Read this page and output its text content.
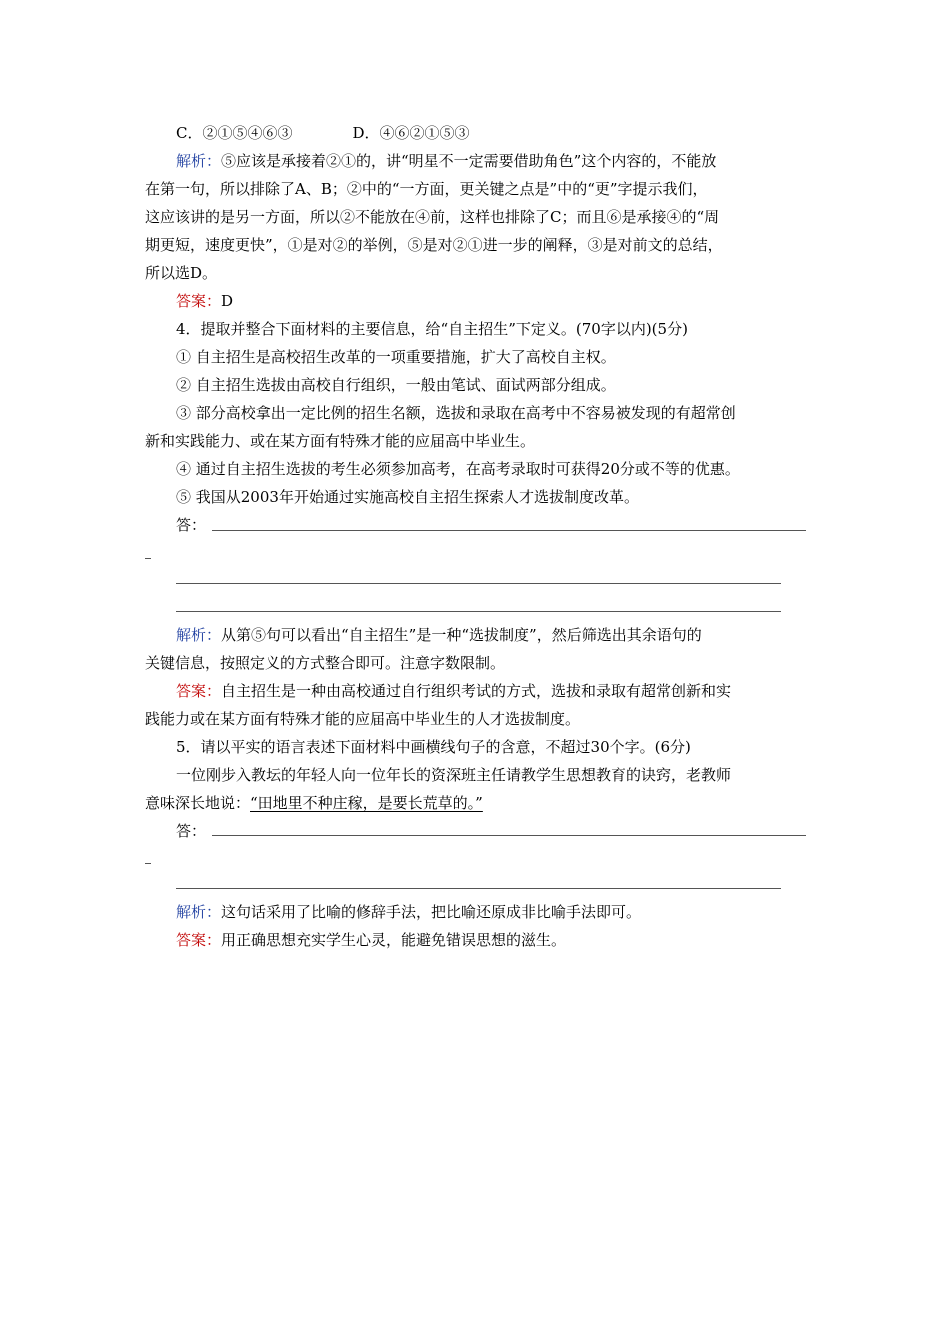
C．②①⑤④⑥③	D．④⑥②①⑤③
解析：⑤应该是承接着②①的，讲“明星不一定需要借助角色”这个内容的，不能放
在第一句，所以排除了A、B；②中的“一方面，更关键之点是”中的“更”字提示我们，
这应该讲的是另一方面，所以②不能放在④前，这样也排除了C；而且⑥是承接④的“周
期更短，速度更快”，①是对②的举例，⑤是对②①进一步的阐释，③是对前文的总结，
所以选D。
答案：D
4．提取并整合下面材料的主要信息，给“自主招生”下定义。(70字以内)(5分)
① 自主招生是高校招生改革的一项重要措施，扩大了高校自主权。
② 自主招生选拔由高校自行组织，一般由笔试、面试两部分组成。
③ 部分高校拿出一定比例的招生名额，选拔和录取在高考中不容易被发现的有超常创
新和实践能力、或在某方面有特殊才能的应届高中毕业生。
④ 通过自主招生选拔的考生必须参加高考，在高考录取时可获得20分或不等的优惠。
⑤ 我国从2003年开始通过实施高校自主招生探索人才选拔制度改革。
答：
解析：从第⑤句可以看出“自主招生”是一种“选拔制度”，然后筛选出其余语句的
关键信息，按照定义的方式整合即可。注意字数限制。
答案：自主招生是一种由高校通过自行组织考试的方式，选拔和录取有超常创新和实
践能力或在某方面有特殊才能的应届高中毕业生的人才选拔制度。
5．请以平实的语言表述下面材料中画横线句子的含意，不超过30个字。(6分)
一位刚步入教坛的年轻人向一位年长的资深班主任请教学生思想教育的诀窍，老教师
意味深长地说：“田地里不种庄稼，是要长荒草的。”
答：
解析：这句话采用了比喻的修辞手法，把比喻还原成非比喻手法即可。
答案：用正确思想充实学生心灵，能避免错误思想的滋生。
